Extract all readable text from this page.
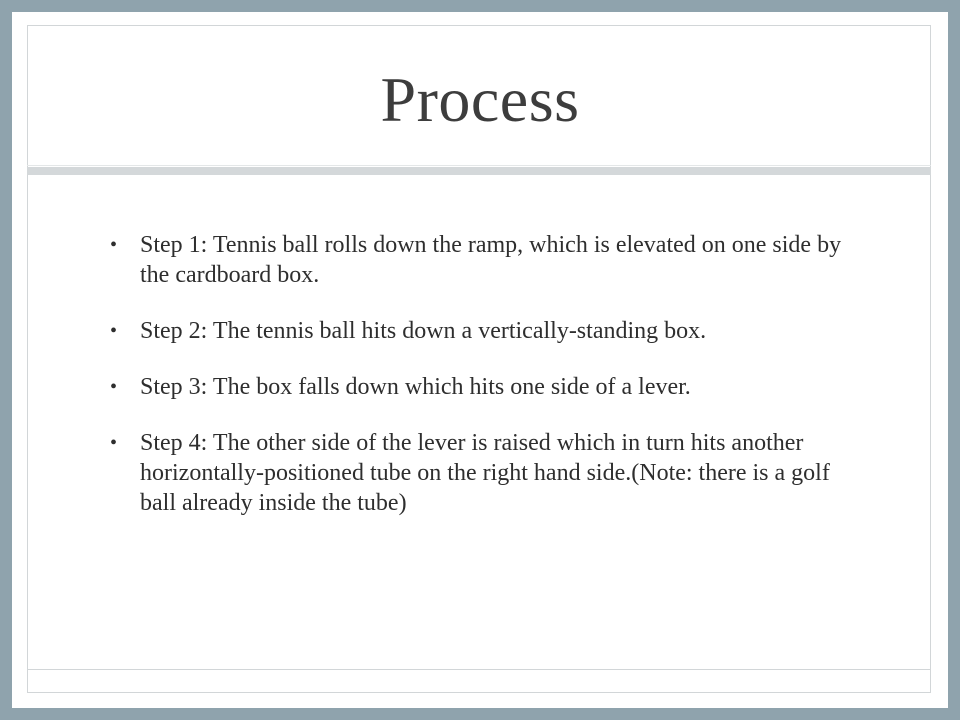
Process
• Step 1: Tennis ball rolls down the ramp, which is elevated on one side by the cardboard box.
• Step 2: The tennis ball hits down a vertically-standing box.
• Step 3: The box falls down which hits one side of a lever.
• Step 4: The other side of the lever is raised which in turn hits another horizontally-positioned tube on the right hand side.(Note: there is a golf ball already inside the tube)
